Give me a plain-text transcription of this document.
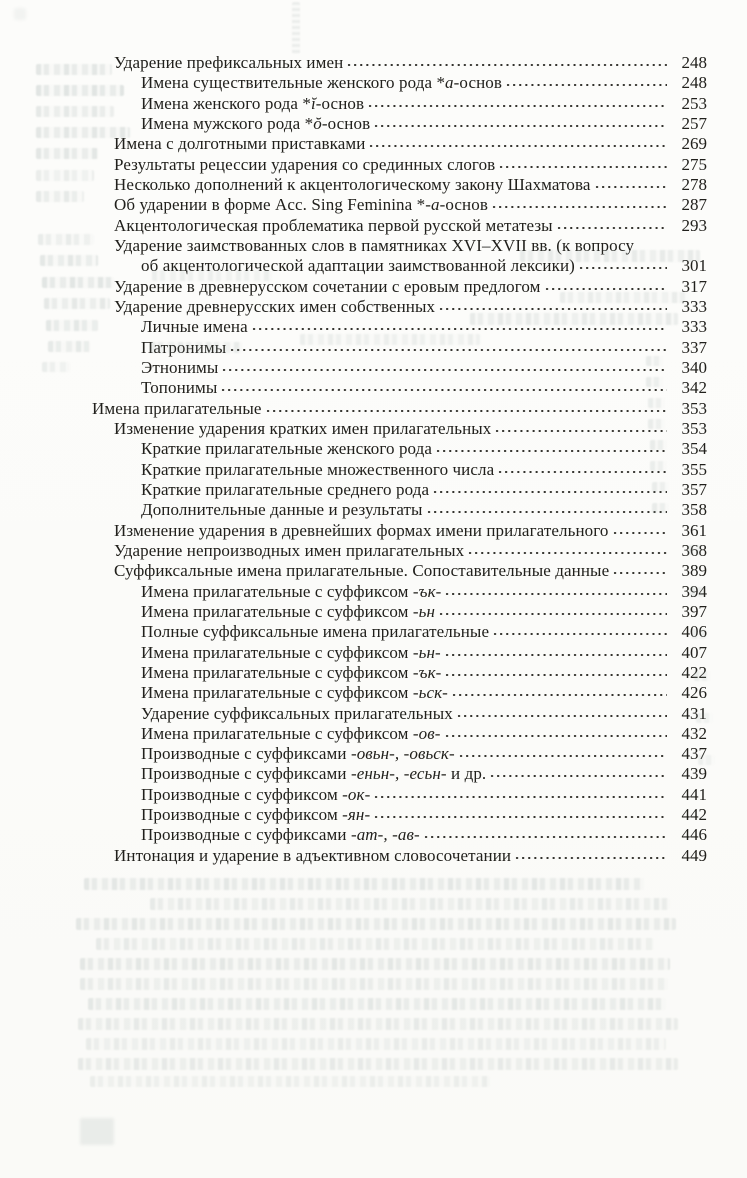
Ударение префиксальных имен	248
Имена существительные женского рода *а-основ	248
Имена женского рода *ĭ-основ	253
Имена мужского рода *ŏ-основ	257
Имена с долготными приставками	269
Результаты рецессии ударения со срединных слогов	275
Несколько дополнений к акцентологическому закону Шахматова	278
Об ударении в форме Acc. Sing Feminina *-а-основ	287
Акцентологическая проблематика первой русской метатезы	293
Ударение заимствованных слов в памятниках XVI–XVII вв. (к вопросу
об акцентологической адаптации заимствованной лексики)	301
Ударение в древнерусском сочетании с еровым предлогом	317
Ударение древнерусских имен собственных	333
Личные имена	333
Патронимы	337
Этнонимы	340
Топонимы	342
Имена прилагательные	353
Изменение ударения кратких имен прилагательных	353
Краткие прилагательные женского рода	354
Краткие прилагательные множественного числа	355
Краткие прилагательные среднего рода	357
Дополнительные данные и результаты	358
Изменение ударения в древнейших формах имени прилагательного	361
Ударение непроизводных имен прилагательных	368
Суффиксальные имена прилагательные. Сопоставительные данные	389
Имена прилагательные с суффиксом -ък-	394
Имена прилагательные с суффиксом -ьн	397
Полные суффиксальные имена прилагательные	406
Имена прилагательные с суффиксом -ьн-	407
Имена прилагательные с суффиксом -ък-	422
Имена прилагательные с суффиксом -ьск-	426
Ударение суффиксальных прилагательных	431
Имена прилагательные с суффиксом -ов-	432
Производные с суффиксами -овьн-, -овьск-	437
Производные с суффиксами -еньн-, -есьн- и др.	439
Производные с суффиксом -ок-	441
Производные с суффиксом -ян-	442
Производные с суффиксами -ат-, -ав-	446
Интонация и ударение в адъективном словосочетании	449
